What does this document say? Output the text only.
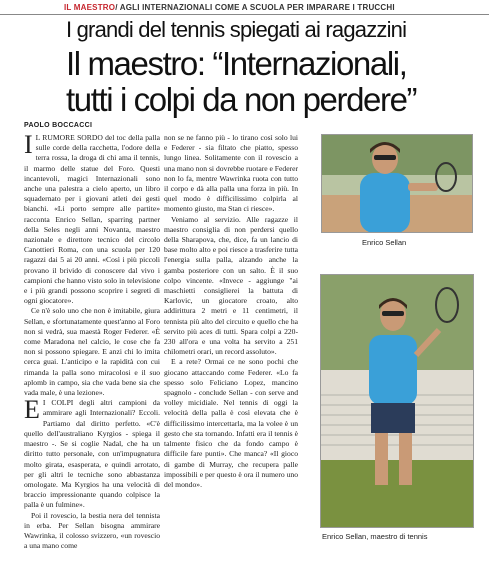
IL MAESTRO/ AGLI INTERNAZIONALI COME A SCUOLA PER IMPARARE I TRUCCHI
I grandi del tennis spiegati ai ragazzini
Il maestro: “Internazionali,
tutti i colpi da non perdere”
PAOLO BOCCACCI

I L RUMORE SORDO del toc della palla sulle corde della racchetta, l'odore della terra rossa, la droga di chi ama il tennis, il marmo delle statue del Foro. Questi incantevoli, magici Internazionali sono anche una palestra a cielo aperto, un libro squadernato per i giovani atleti dei gesti bianchi. «Li porto sempre alle partite» racconta Enrico Sellan, sparring partner della Seles negli anni Novanta, maestro nazionale e direttore tecnico del circolo Canottieri Roma, con una scuola per 120 ragazzi dai 5 ai 20 anni. «Così i più piccoli provano il brivido di conoscere dal vivo i campioni che hanno visto solo in televisione e i più grandi possono scoprire i segreti di ogni giocatore».

Ce n'è solo uno che non è imitabile, giura Sellan, e sfortunatamente quest'anno al Foro non si vedrà, sua maestà Roger Federer. «È come Maradona nel calcio, le cose che fa non si possono spiegare. E anzi chi lo imita cerca guai. L'anticipo e la rapidità con cui rimanda la palla sono miracolosi e il suo aplomb in campo, sia che vada bene sia che vada male, è una lezione».

E I COLPI degli altri campioni da ammirare agli Internazionali? Eccoli. Partiamo dal diritto perfetto. «C'è quello dell'australiano Kyrgios - spiega il maestro -. Se si coglie Nadal, che ha un diritto tutto personale, con un'impugnatura molto girata, esasperata, e quindi arrotato, per gli altri le tecniche sono abbastanza omologate. Ma Kyrgios ha una velocità di braccio impressionante quando colpisce la palla è un fulmine».

Poi il rovescio, la bestia nera del tennista in erba. Per Sellan bisogna ammirare Wawrinka, il colosso svizzero, «un rovescio a una mano come

non se ne fanno più - lo tirano così solo lui e Federer - sia filtato che piatto, spesso lungo linea. Solitamente con il rovescio a una mano non si dovrebbe ruotare e Federer non lo fa, mentre Wawrinka ruota con tutto il corpo e dà alla palla una forza in più. In quel modo è difficilissimo colpirla al momento giusto, ma Stan ci riesce».

Veniamo al servizio. Alle ragazze il maestro consiglia di non perdersi quello della Sharapova, che, dice, fa un lancio di base molto alto e poi riesce a trasferire tutta l'energia sulla palla, alzando anche la gamba posteriore con un salto. È il suo colpo vincente. «Invece - aggiunge "ai maschietti consiglierei la battuta di Karlovic, un giocatore croato, alto addirittura 2 metri e 11 centimetri, il tennista più alto del circuito e quello che ha servito più aces di tutti. Spara colpi a 220-230 all'ora e una volta ha servito a 251 chilometri orari, un record assoluto».

E a rete? Ormai ce ne sono pochi che giocano attaccando come Federer. «Lo fa spesso solo Feliciano Lopez, mancino spagnolo - conclude Sellan - con serve and volley micidiale. Nel tennis di oggi la velocità della palla è così elevata che è difficilissimo intercettarla, ma la volee è un gesto che sta tornando. Infatti era il tennis è talmente fisico che da fondo campo è difficile fare punti». Che manca? «Il gioco di gambe di Murray, che recupera palle impossibili e per questo è ora il numero uno del mondo».

Enrico Sellan
Enrico Sellan, maestro di tennis
